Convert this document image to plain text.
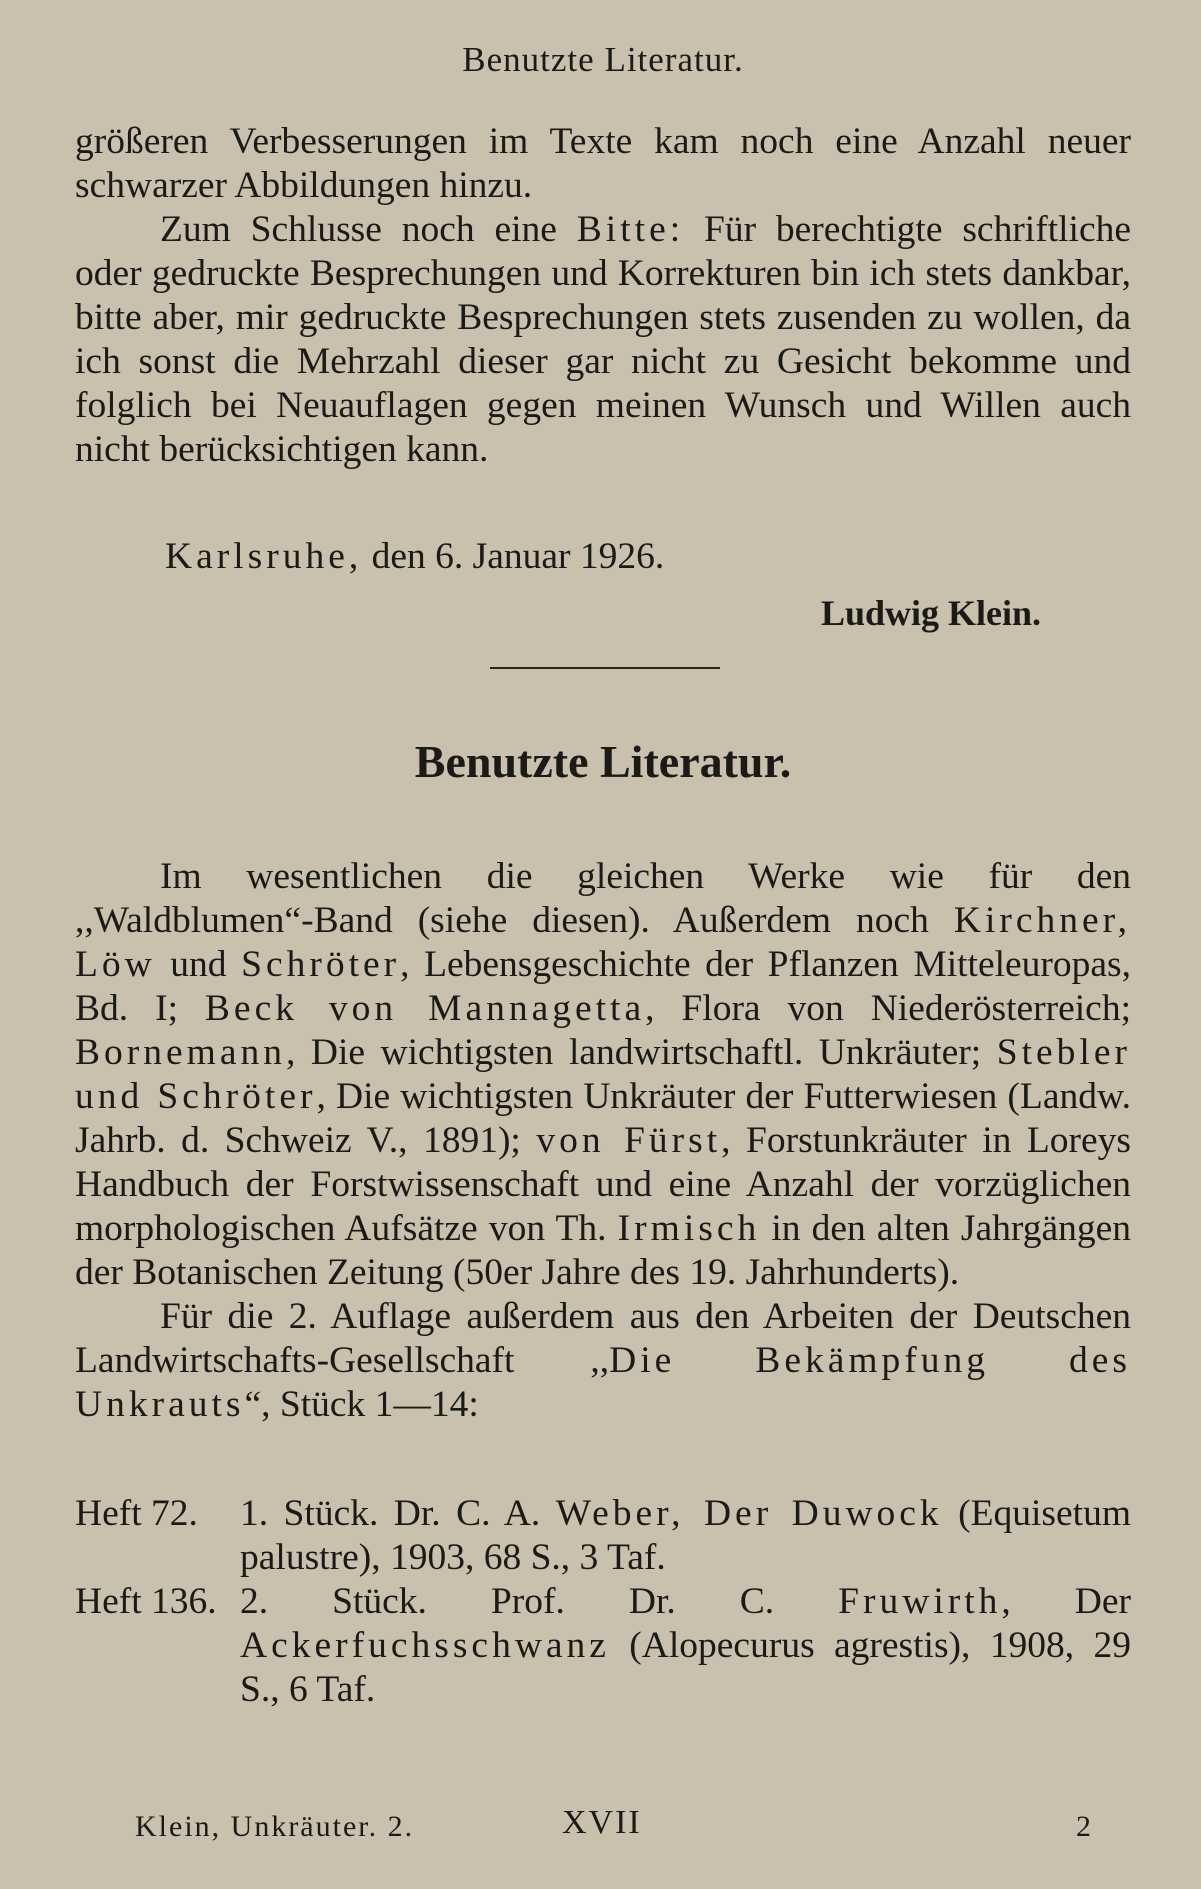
Benutzte Literatur.

größeren Verbesserungen im Texte kam noch eine Anzahl neuer schwarzer Abbildungen hinzu.

Zum Schlusse noch eine Bitte: Für berechtigte schriftliche oder gedruckte Besprechungen und Korrekturen bin ich stets dankbar, bitte aber, mir gedruckte Besprechungen stets zusenden zu wollen, da ich sonst die Mehrzahl dieser gar nicht zu Gesicht bekomme und folglich bei Neuauflagen gegen meinen Wunsch und Willen auch nicht berücksichtigen kann.

Karlsruhe, den 6. Januar 1926.
Ludwig Klein.
Benutzte Literatur.

Im wesentlichen die gleichen Werke wie für den ,,Waldblumen“-Band (siehe diesen). Außerdem noch Kirchner, Löw und Schröter, Lebensgeschichte der Pflanzen Mitteleuropas, Bd. I; Beck von Mannagetta, Flora von Niederösterreich; Bornemann, Die wichtigsten landwirtschaftl. Unkräuter; Stebler und Schröter, Die wichtigsten Unkräuter der Futterwiesen (Landw. Jahrb. d. Schweiz V., 1891); von Fürst, Forstunkräuter in Loreys Handbuch der Forstwissenschaft und eine Anzahl der vorzüglichen morphologischen Aufsätze von Th. Irmisch in den alten Jahrgängen der Botanischen Zeitung (50er Jahre des 19. Jahrhunderts).

Für die 2. Auflage außerdem aus den Arbeiten der Deutschen Landwirtschafts-Gesellschaft ,,Die Bekämpfung des Unkrauts“, Stück 1—14:

Heft 72.	1. Stück. Dr. C. A. Weber, Der Duwock (Equisetum palustre), 1903, 68 S., 3 Taf.
Heft 136. 2. Stück. Prof. Dr. C. Fruwirth, Der Ackerfuchsschwanz (Alopecurus agrestis), 1908, 29 S., 6 Taf.
Klein, Unkräuter. 2.	XVII	2
